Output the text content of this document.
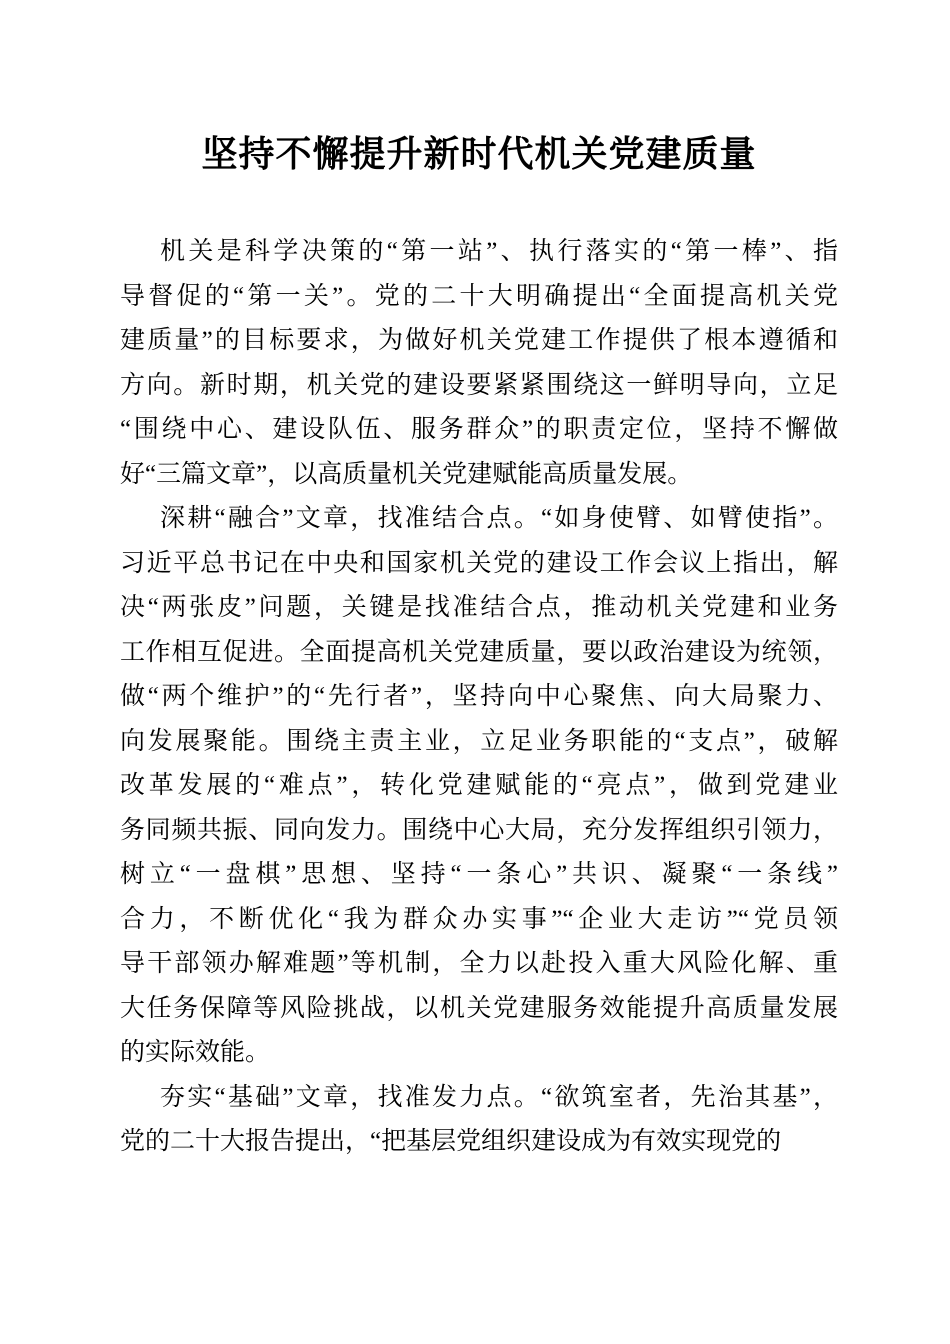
坚持不懈提升新时代机关党建质量
机关是科学决策的“第一站”、执行落实的“第一棒”、指
导督促的“第一关”。党的二十大明确提出“全面提高机关党
建质量”的目标要求，为做好机关党建工作提供了根本遵循和
方向。新时期，机关党的建设要紧紧围绕这一鲜明导向，立足
“围绕中心、建设队伍、服务群众”的职责定位，坚持不懈做
好“三篇文章”，以高质量机关党建赋能高质量发展。
深耕“融合”文章，找准结合点。“如身使臂、如臂使指”。
习近平总书记在中央和国家机关党的建设工作会议上指出，解
决“两张皮”问题，关键是找准结合点，推动机关党建和业务
工作相互促进。全面提高机关党建质量，要以政治建设为统领，
做“两个维护”的“先行者”，坚持向中心聚焦、向大局聚力、
向发展聚能。围绕主责主业，立足业务职能的“支点”，破解
改革发展的“难点”，转化党建赋能的“亮点”，做到党建业
务同频共振、同向发力。围绕中心大局，充分发挥组织引领力，
树立“一盘棋”思想、坚持“一条心”共识、凝聚“一条线”
合力，不断优化“我为群众办实事”“企业大走访”“党员领
导干部领办解难题”等机制，全力以赴投入重大风险化解、重
大任务保障等风险挑战，以机关党建服务效能提升高质量发展
的实际效能。
夯实“基础”文章，找准发力点。“欲筑室者，先治其基”，
党的二十大报告提出，“把基层党组织建设成为有效实现党的
